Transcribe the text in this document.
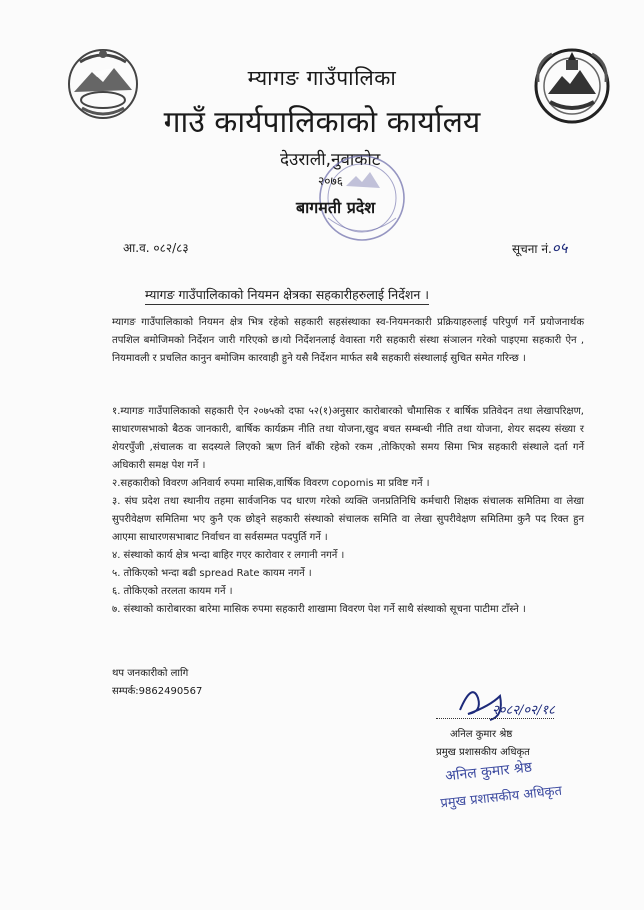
म्यागङ गाउँपालिका
गाउँ कार्यपालिकाको कार्यालय
देउराली,नुवाकोट
२०७६
बागमती प्रदेश
आ.व. ०८२/८३	सूचना नं.०५
म्यागङ गाउँपालिकाको नियमन क्षेत्रका सहकारीहरुलाई निर्देशन ।
म्यागङ गाउँपालिकाको नियमन क्षेत्र भित्र रहेको सहकारी सहसंस्थाका स्व-नियमनकारी प्रक्रियाहरुलाई परिपुर्ण गर्ने प्रयोजनार्थक तपशिल बमोजिमको निर्देशन जारी गरिएको छ।यो निर्देशनलाई वेवास्ता गरी सहकारी संस्था संञालन गरेको पाइएमा सहकारी ऐन , नियमावली र प्रचलित कानुन बमोजिम कारवाही हुने यसै निर्देशन मार्फत सबै सहकारी संस्थालाई सुचित समेत गरिन्छ ।

१.म्यागङ गाउँपालिकाको सहकारी ऐन २०७५को दफा ५२(१)अनुसार कारोबारको चौमासिक र बार्षिक प्रतिवेदन तथा लेखापरिक्षण, साधारणसभाको बैठक जानकारी, बार्षिक कार्यक्रम नीति तथा योजना,खुद बचत सम्बन्धी नीति तथा योजना, शेयर सदस्य संख्या र शेयरपुँजी ,संचालक वा सदस्यले लिएको ऋण तिर्न बाँकी रहेको रकम ,तोकिएको समय सिमा भित्र सहकारी संस्थाले दर्ता गर्ने अधिकारी समक्ष पेश गर्ने ।

२.सहकारीको विवरण अनिवार्य रुपमा मासिक,वार्षिक विवरण copomis मा प्रविष्ट गर्ने ।

३. संघ प्रदेश तथा स्थानीय तहमा सार्वजनिक पद धारण गरेको व्यक्ति जनप्रतिनिधि कर्मचारी शिक्षक संचालक समितिमा वा लेखा सुपरीवेक्षण समितिमा भए कुनै एक छोड्ने सहकारी संस्थाको संचालक समिति वा लेखा सुपरीवेक्षण समितिमा कुनै पद रिक्त हुन आएमा साधारणसभाबाट निर्वाचन वा सर्वसम्मत पदपुर्ति गर्ने ।

४. संस्थाको कार्य क्षेत्र भन्दा बाहिर गएर कारोवार र लगानी नगर्ने ।

५. तोकिएको भन्दा बढी spread Rate कायम नगर्ने ।

६. तोकिएको तरलता कायम गर्ने ।

७. संस्थाको कारोबारका बारेमा मासिक रुपमा सहकारी शाखामा विवरण पेश गर्ने साथै संस्थाको सूचना पाटीमा टाँस्ने ।

थप जनकारीको लागि
सम्पर्क:9862490567
२०८२/०२/१८
अनिल कुमार श्रेष्ठ
प्रमुख प्रशासकीय अधिकृत
अनिल कुमार श्रेष्ठ
प्रमुख प्रशासकीय अधिकृत
